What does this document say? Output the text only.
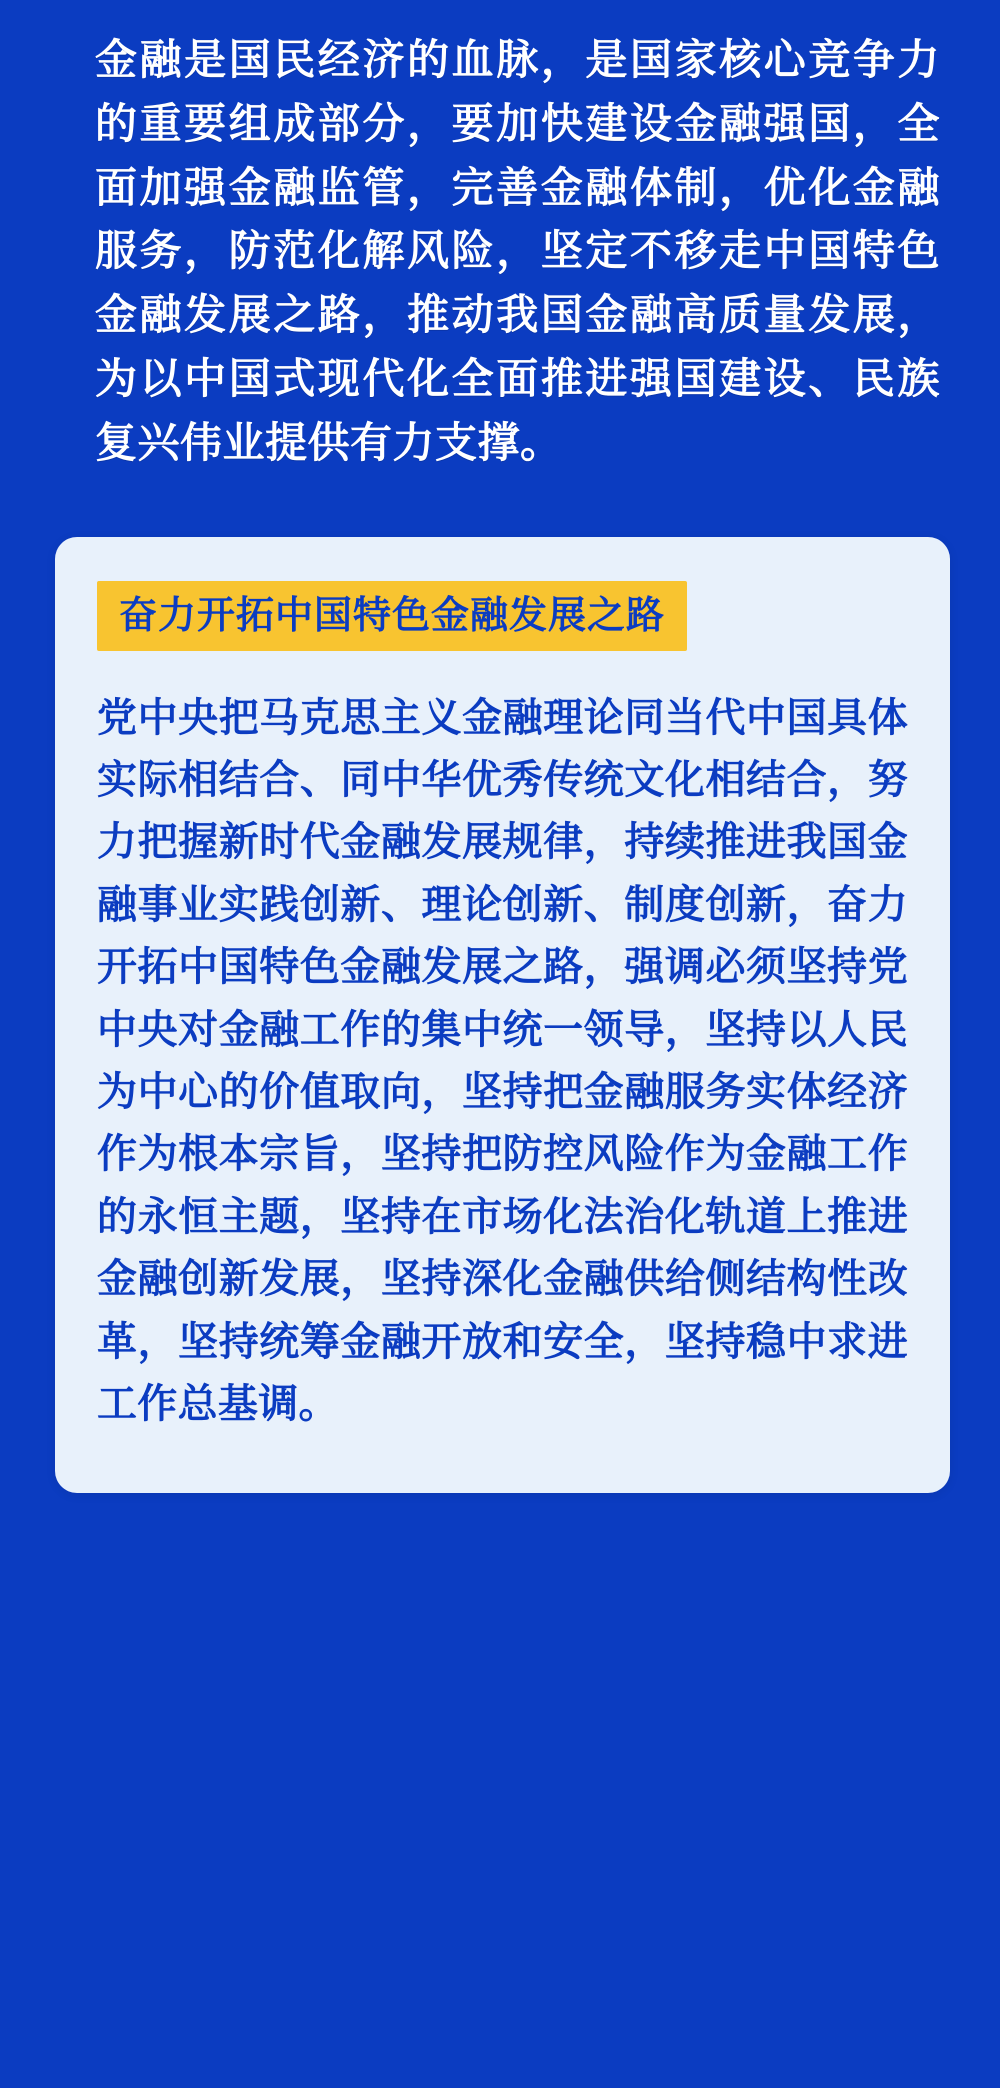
金融是国民经济的血脉，是国家核心竞争力的重要组成部分，要加快建设金融强国，全面加强金融监管，完善金融体制，优化金融服务，防范化解风险，坚定不移走中国特色金融发展之路，推动我国金融高质量发展，为以中国式现代化全面推进强国建设、民族复兴伟业提供有力支撑。

奋力开拓中国特色金融发展之路

党中央把马克思主义金融理论同当代中国具体实际相结合、同中华优秀传统文化相结合，努力把握新时代金融发展规律，持续推进我国金融事业实践创新、理论创新、制度创新，奋力开拓中国特色金融发展之路，强调必须坚持党中央对金融工作的集中统一领导，坚持以人民为中心的价值取向，坚持把金融服务实体经济作为根本宗旨，坚持把防控风险作为金融工作的永恒主题，坚持在市场化法治化轨道上推进金融创新发展，坚持深化金融供给侧结构性改革，坚持统筹金融开放和安全，坚持稳中求进工作总基调。
